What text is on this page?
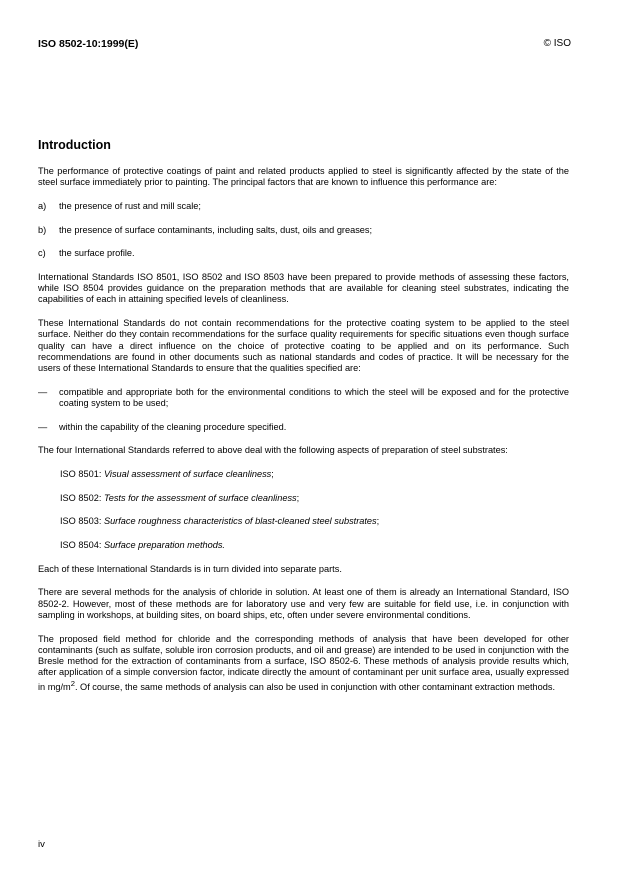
ISO 8502-10:1999(E)	© ISO
Introduction

The performance of protective coatings of paint and related products applied to steel is significantly affected by the state of the steel surface immediately prior to painting. The principal factors that are known to influence this performance are:

a)	the presence of rust and mill scale;
b)	the presence of surface contaminants, including salts, dust, oils and greases;
c)	the surface profile.

International Standards ISO 8501, ISO 8502 and ISO 8503 have been prepared to provide methods of assessing these factors, while ISO 8504 provides guidance on the preparation methods that are available for cleaning steel substrates, indicating the capabilities of each in attaining specified levels of cleanliness.

These International Standards do not contain recommendations for the protective coating system to be applied to the steel surface. Neither do they contain recommendations for the surface quality requirements for specific situations even though surface quality can have a direct influence on the choice of protective coating to be applied and on its performance. Such recommendations are found in other documents such as national standards and codes of practice. It will be necessary for the users of these International Standards to ensure that the qualities specified are:

—	compatible and appropriate both for the environmental conditions to which the steel will be exposed and for the protective coating system to be used;
—	within the capability of the cleaning procedure specified.

The four International Standards referred to above deal with the following aspects of preparation of steel substrates:

ISO 8501: Visual assessment of surface cleanliness;
ISO 8502: Tests for the assessment of surface cleanliness;
ISO 8503: Surface roughness characteristics of blast-cleaned steel substrates;
ISO 8504: Surface preparation methods.

Each of these International Standards is in turn divided into separate parts.

There are several methods for the analysis of chloride in solution. At least one of them is already an International Standard, ISO 8502-2. However, most of these methods are for laboratory use and very few are suitable for field use, i.e. in conjunction with sampling in workshops, at building sites, on board ships, etc, often under severe environmental conditions.

The proposed field method for chloride and the corresponding methods of analysis that have been developed for other contaminants (such as sulfate, soluble iron corrosion products, and oil and grease) are intended to be used in conjunction with the Bresle method for the extraction of contaminants from a surface, ISO 8502-6. These methods of analysis provide results which, after application of a simple conversion factor, indicate directly the amount of contaminant per unit surface area, usually expressed in $mg/m^2$. Of course, the same methods of analysis can also be used in conjunction with other contaminant extraction methods.

iv
